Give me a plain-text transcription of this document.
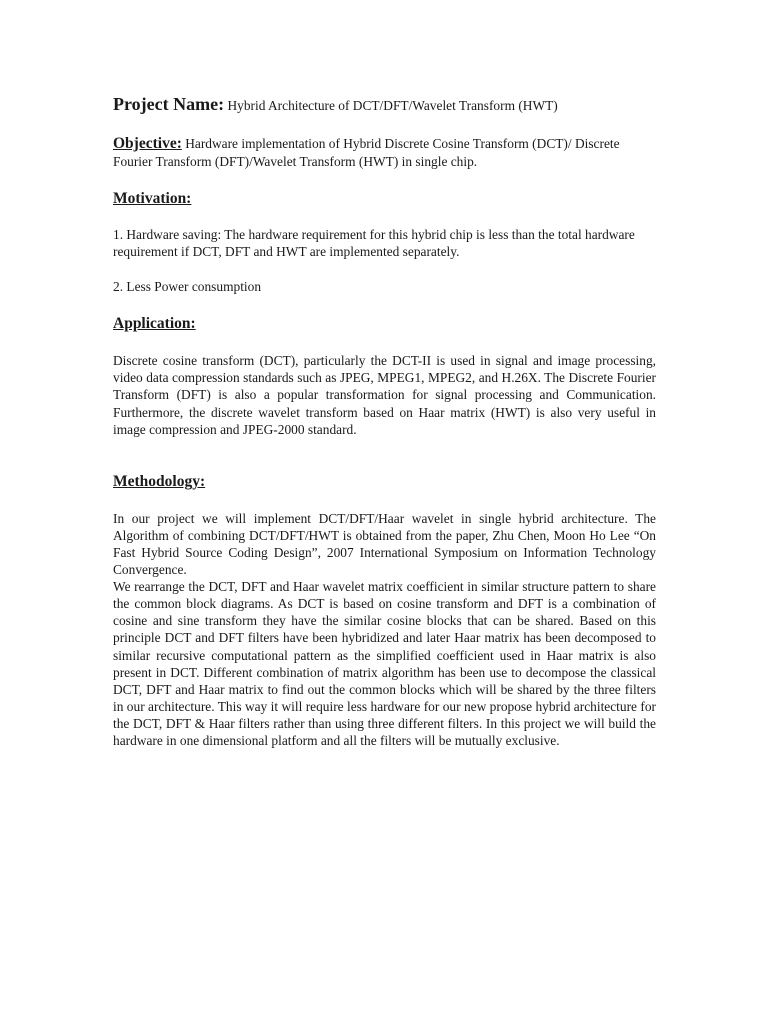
Project Name: Hybrid Architecture of DCT/DFT/Wavelet Transform (HWT)
Objective: Hardware implementation of Hybrid Discrete Cosine Transform (DCT)/ Discrete Fourier Transform (DFT)/Wavelet Transform (HWT) in single chip.
Motivation:

1. Hardware saving: The hardware requirement for this hybrid chip is less than the total hardware requirement if DCT, DFT and HWT are implemented separately.

2. Less Power consumption

Application:

Discrete cosine transform (DCT), particularly the DCT-II is used in signal and image processing, video data compression standards such as JPEG, MPEG1, MPEG2, and H.26X. The Discrete Fourier Transform (DFT) is also a popular transformation for signal processing and Communication. Furthermore, the discrete wavelet transform based on Haar matrix (HWT) is also very useful in image compression and JPEG-2000 standard.

Methodology:

In our project we will implement DCT/DFT/Haar wavelet in single hybrid architecture. The Algorithm of combining DCT/DFT/HWT is obtained from the paper, Zhu Chen, Moon Ho Lee “On Fast Hybrid Source Coding Design”, 2007 International Symposium on Information Technology Convergence.

We rearrange the DCT, DFT and Haar wavelet matrix coefficient in similar structure pattern to share the common block diagrams. As DCT is based on cosine transform and DFT is a combination of cosine and sine transform they have the similar cosine blocks that can be shared. Based on this principle DCT and DFT filters have been hybridized and later Haar matrix has been decomposed to similar recursive computational pattern as the simplified coefficient used in Haar matrix is also present in DCT. Different combination of matrix algorithm has been use to decompose the classical DCT, DFT and Haar matrix to find out the common blocks which will be shared by the three filters in our architecture. This way it will require less hardware for our new propose hybrid architecture for the DCT, DFT & Haar filters rather than using three different filters. In this project we will build the hardware in one dimensional platform and all the filters will be mutually exclusive.
